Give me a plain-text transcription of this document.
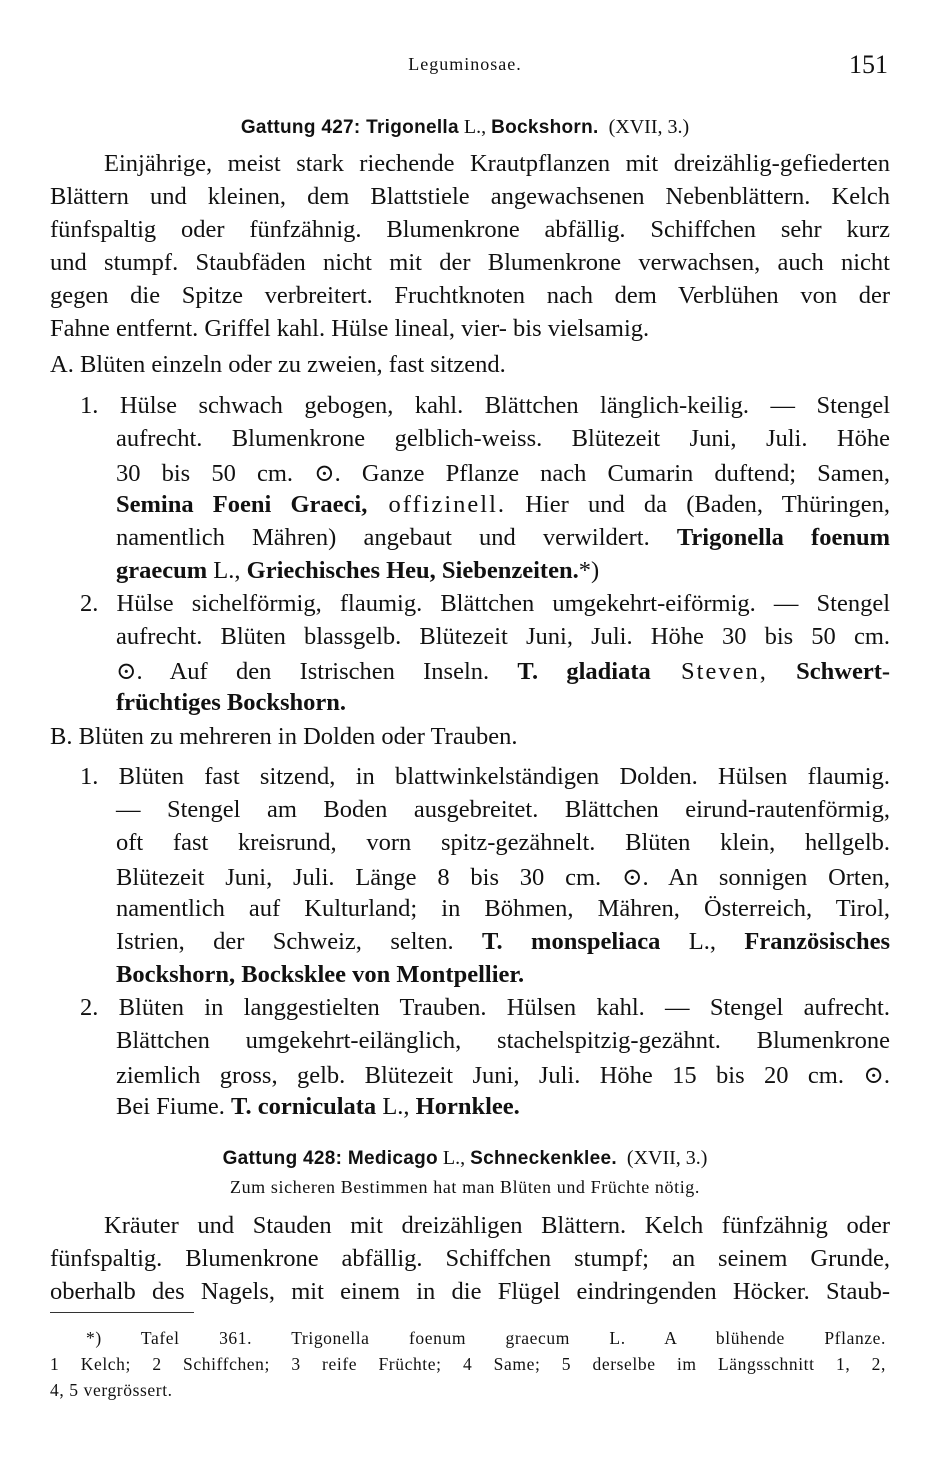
Leguminosae.	151
Gattung 427: Trigonella L., Bockshorn. (XVII, 3.)
Einjährige, meist stark riechende Krautpflanzen mit dreizählig-gefiederten
Blättern und kleinen, dem Blattstiele angewachsenen Nebenblättern. Kelch
fünfspaltig oder fünfzähnig. Blumenkrone abfällig. Schiffchen sehr kurz
und stumpf. Staubfäden nicht mit der Blumenkrone verwachsen, auch nicht
gegen die Spitze verbreitert. Fruchtknoten nach dem Verblühen von der
Fahne entfernt. Griffel kahl. Hülse lineal, vier- bis vielsamig.
A. Blüten einzeln oder zu zweien, fast sitzend.
1. Hülse schwach gebogen, kahl. Blättchen länglich-keilig. — Stengel
aufrecht. Blumenkrone gelblich-weiss. Blütezeit Juni, Juli. Höhe
30 bis 50 cm. ⊙. Ganze Pflanze nach Cumarin duftend; Samen,
Semina Foeni Graeci, offizinell. Hier und da (Baden, Thüringen,
namentlich Mähren) angebaut und verwildert. Trigonella foenum
graecum L., Griechisches Heu, Siebenzeiten.*)
2. Hülse sichelförmig, flaumig. Blättchen umgekehrt-eiförmig. — Stengel
aufrecht. Blüten blassgelb. Blütezeit Juni, Juli. Höhe 30 bis 50 cm.
⊙. Auf den Istrischen Inseln. T. gladiata Steven, Schwert-
früchtiges Bockshorn.
B. Blüten zu mehreren in Dolden oder Trauben.
1. Blüten fast sitzend, in blattwinkelständigen Dolden. Hülsen flaumig.
— Stengel am Boden ausgebreitet. Blättchen eirund-rautenförmig,
oft fast kreisrund, vorn spitz-gezähnelt. Blüten klein, hellgelb.
Blütezeit Juni, Juli. Länge 8 bis 30 cm. ⊙. An sonnigen Orten,
namentlich auf Kulturland; in Böhmen, Mähren, Österreich, Tirol,
Istrien, der Schweiz, selten. T. monspeliaca L., Französisches
Bockshorn, Bocksklee von Montpellier.
2. Blüten in langgestielten Trauben. Hülsen kahl. — Stengel aufrecht.
Blättchen umgekehrt-eilänglich, stachelspitzig-gezähnt. Blumenkrone
ziemlich gross, gelb. Blütezeit Juni, Juli. Höhe 15 bis 20 cm. ⊙.
Bei Fiume. T. corniculata L., Hornklee.
Gattung 428: Medicago L., Schneckenklee. (XVII, 3.)
Zum sicheren Bestimmen hat man Blüten und Früchte nötig.
Kräuter und Stauden mit dreizähligen Blättern. Kelch fünfzähnig oder
fünfspaltig. Blumenkrone abfällig. Schiffchen stumpf; an seinem Grunde,
oberhalb des Nagels, mit einem in die Flügel eindringenden Höcker. Staub-
*) Tafel 361. Trigonella foenum graecum L. A blühende Pflanze.
1 Kelch; 2 Schiffchen; 3 reife Früchte; 4 Same; 5 derselbe im Längsschnitt 1, 2,
4, 5 vergrössert.
